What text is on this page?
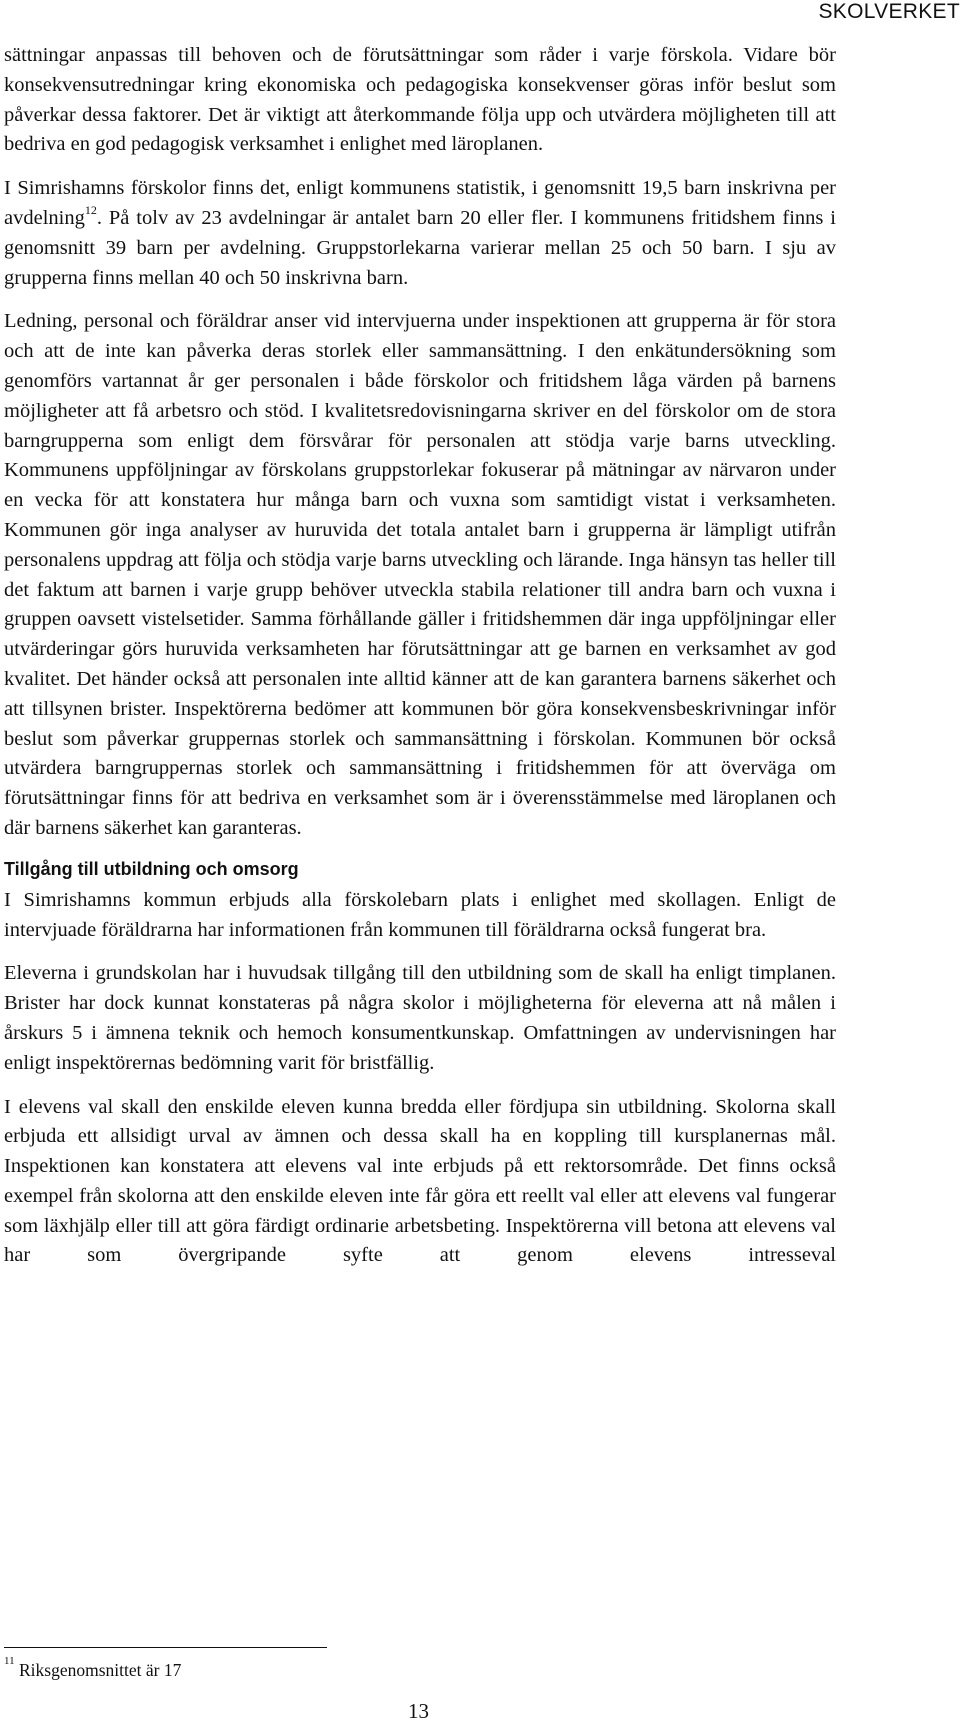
SKOLVERKET

sättningar anpassas till behoven och de förutsättningar som råder i varje förskola. Vidare bör konsekvensutredningar kring ekonomiska och pedagogiska konsekvenser göras inför beslut som påverkar dessa faktorer. Det är viktigt att återkommande följa upp och utvärdera möjligheten till att bedriva en god pedagogisk verksamhet i enlighet med läroplanen.

I Simrishamns förskolor finns det, enligt kommunens statistik, i genomsnitt 19,5 barn inskrivna per avdelning$^{12}$. På tolv av 23 avdelningar är antalet barn 20 eller fler. I kommunens fritidshem finns i genomsnitt 39 barn per avdelning. Gruppstorlekarna varierar mellan 25 och 50 barn. I sju av grupperna finns mellan 40 och 50 inskrivna barn.

Ledning, personal och föräldrar anser vid intervjuerna under inspektionen att grupperna är för stora och att de inte kan påverka deras storlek eller sammansättning. I den enkätundersökning som genomförs vartannat år ger personalen i både förskolor och fritidshem låga värden på barnens möjligheter att få arbetsro och stöd. I kvalitetsredovisningarna skriver en del förskolor om de stora barngrupperna som enligt dem försvårar för personalen att stödja varje barns utveckling. Kommunens uppföljningar av förskolans gruppstorlekar fokuserar på mätningar av närvaron under en vecka för att konstatera hur många barn och vuxna som samtidigt vistat i verksamheten. Kommunen gör inga analyser av huruvida det totala antalet barn i grupperna är lämpligt utifrån personalens uppdrag att följa och stödja varje barns utveckling och lärande. Inga hänsyn tas heller till det faktum att barnen i varje grupp behöver utveckla stabila relationer till andra barn och vuxna i gruppen oavsett vistelsetider. Samma förhållande gäller i fritidshemmen där inga uppföljningar eller utvärderingar görs huruvida verksamheten har förutsättningar att ge barnen en verksamhet av god kvalitet. Det händer också att personalen inte alltid känner att de kan garantera barnens säkerhet och att tillsynen brister. Inspektörerna bedömer att kommunen bör göra konsekvensbeskrivningar inför beslut som påverkar gruppernas storlek och sammansättning i förskolan. Kommunen bör också utvärdera barngruppernas storlek och sammansättning i fritidshemmen för att överväga om förutsättningar finns för att bedriva en verksamhet som är i överensstämmelse med läroplanen och där barnens säkerhet kan garanteras.

Tillgång till utbildning och omsorg

I Simrishamns kommun erbjuds alla förskolebarn plats i enlighet med skollagen. Enligt de intervjuade föräldrarna har informationen från kommunen till föräldrarna också fungerat bra.

Eleverna i grundskolan har i huvudsak tillgång till den utbildning som de skall ha enligt timplanen. Brister har dock kunnat konstateras på några skolor i möjligheterna för eleverna att nå målen i årskurs 5 i ämnena teknik och hemoch konsumentkunskap. Omfattningen av undervisningen har enligt inspektörernas bedömning varit för bristfällig.

I elevens val skall den enskilde eleven kunna bredda eller fördjupa sin utbildning. Skolorna skall erbjuda ett allsidigt urval av ämnen och dessa skall ha en koppling till kursplanernas mål. Inspektionen kan konstatera att elevens val inte erbjuds på ett rektorsområde. Det finns också exempel från skolorna att den enskilde eleven inte får göra ett reellt val eller att elevens val fungerar som läxhjälp eller till att göra färdigt ordinarie arbetsbeting. Inspektörerna vill betona att elevens val har som övergripande syfte att genom elevens intresseval

$^{11}$ Riksgenomsnittet är 17
13
